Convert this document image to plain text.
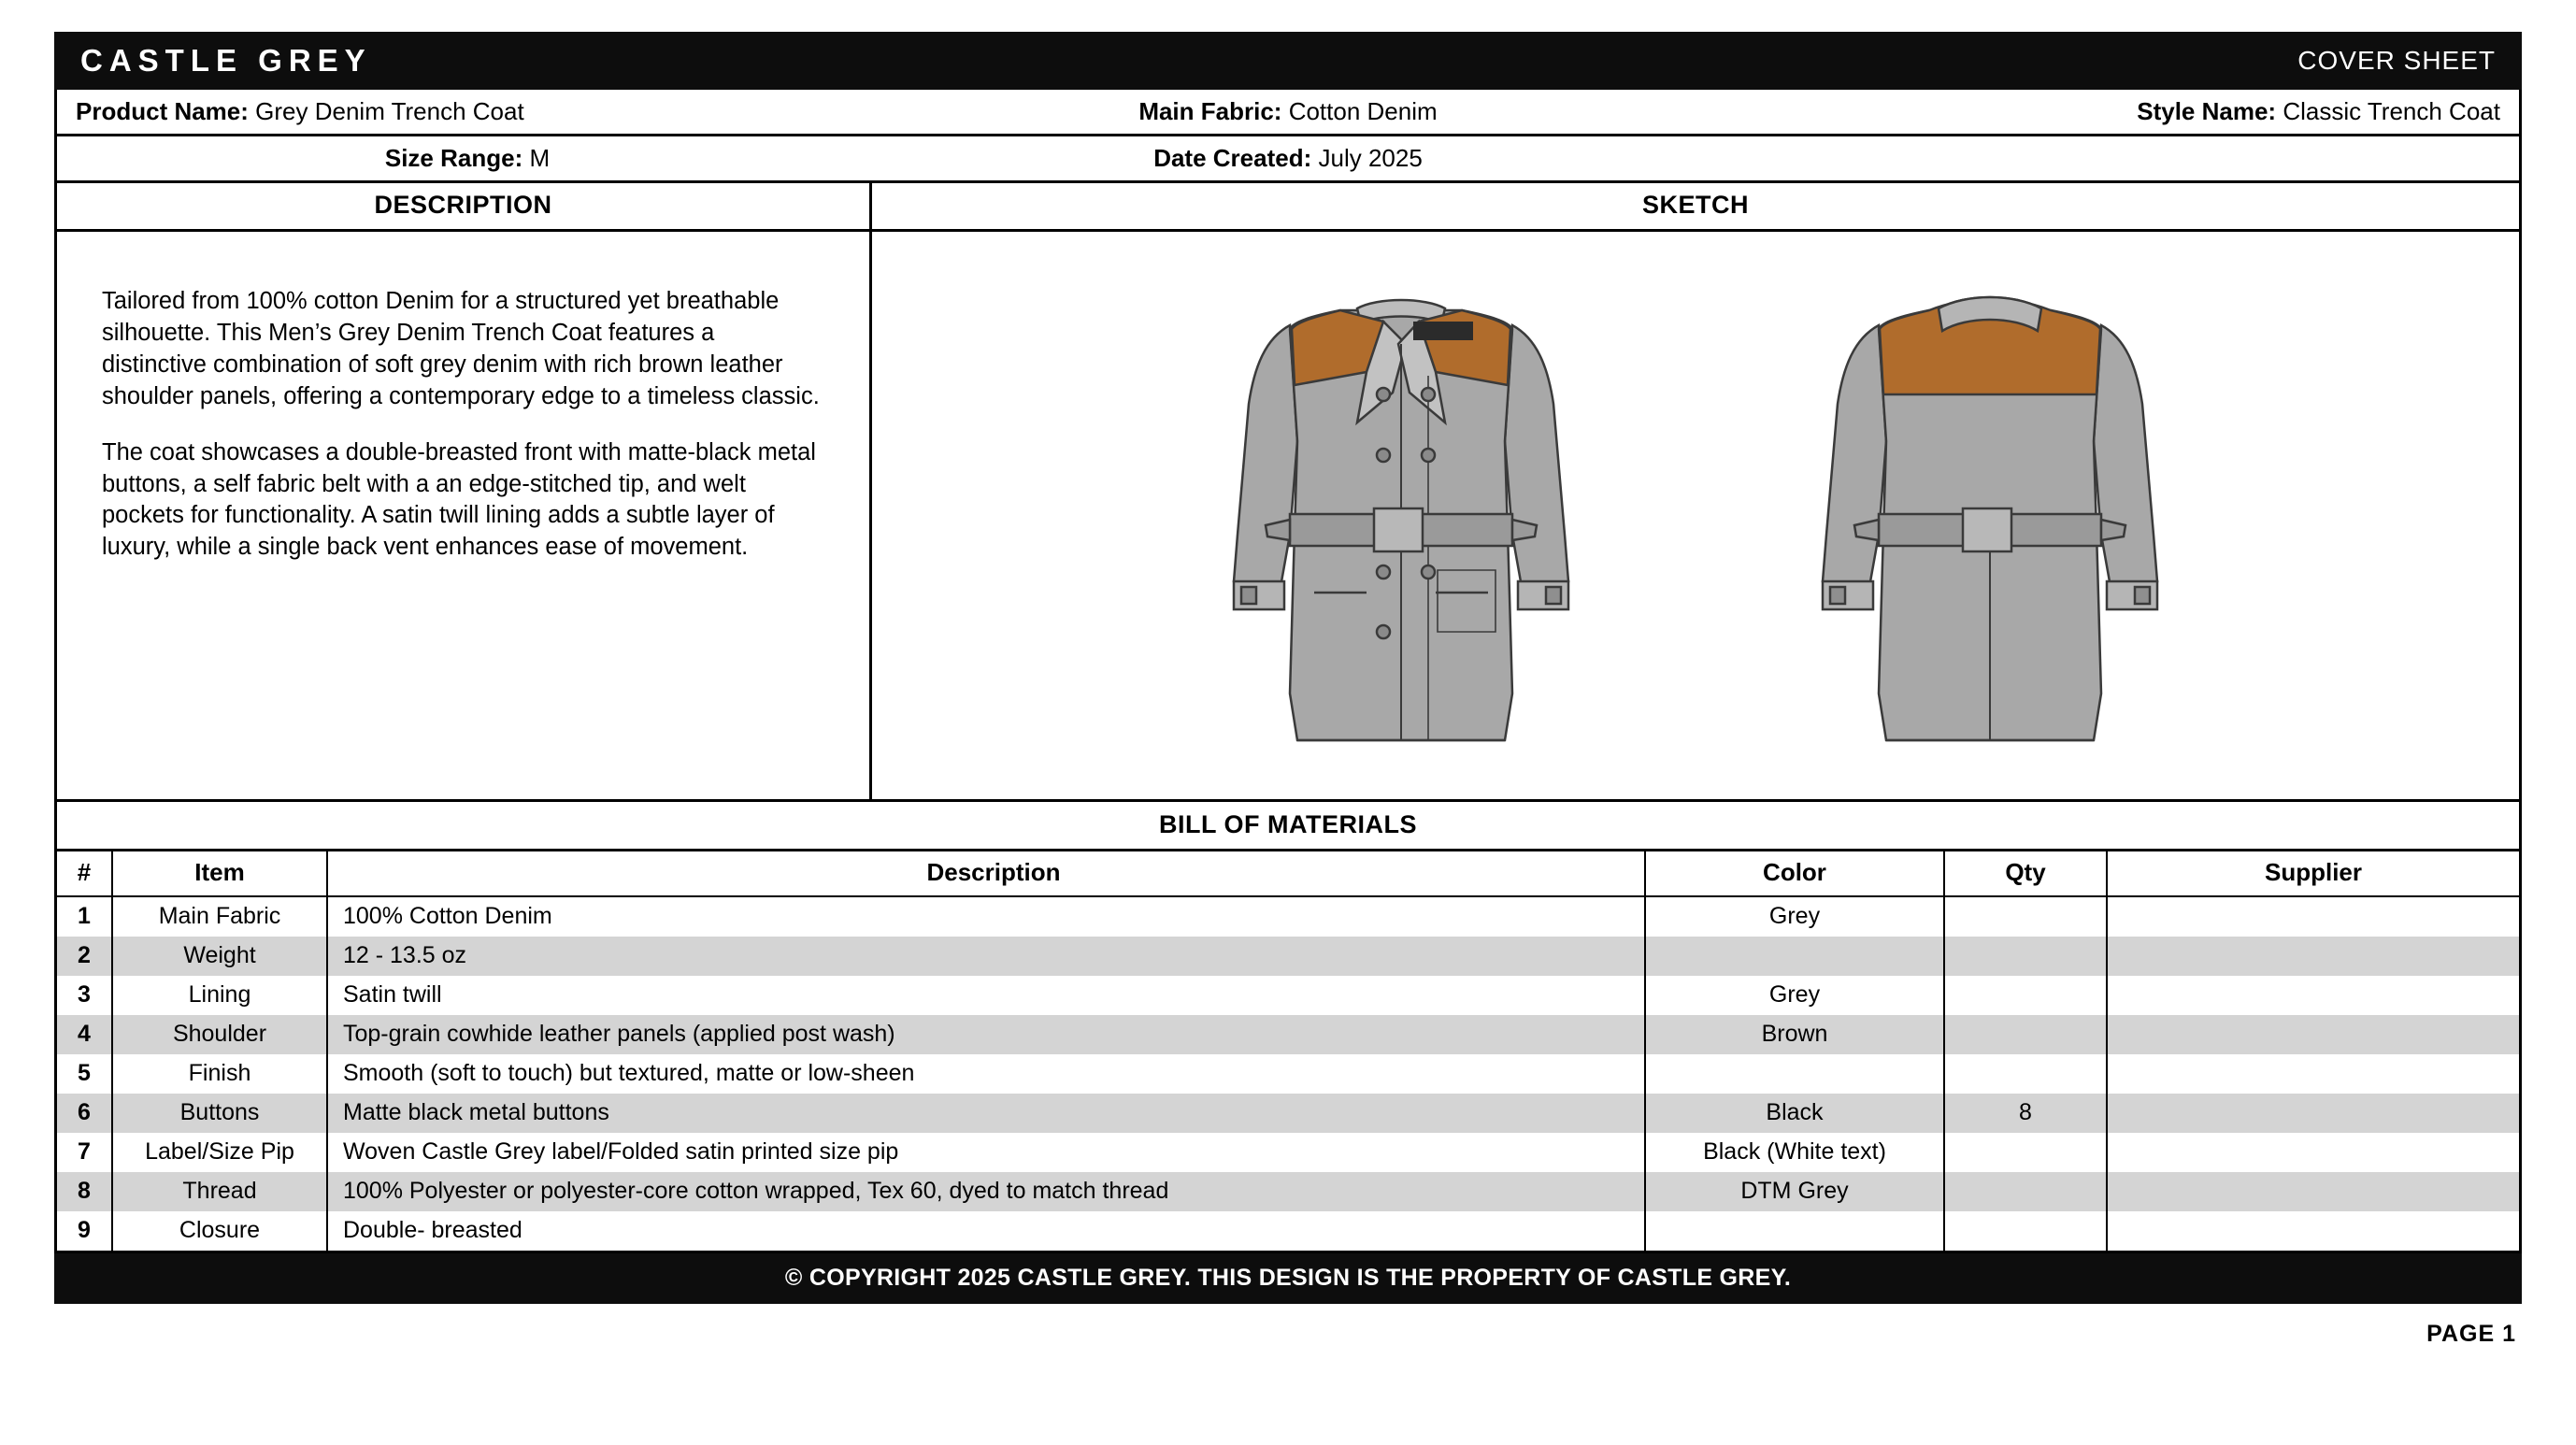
CASTLE GREY	COVER SHEET
Product Name: Grey Denim Trench Coat	Main Fabric: Cotton Denim	Style Name: Classic Trench Coat
Size Range: M	Date Created: July 2025
DESCRIPTION

Tailored from 100% cotton Denim for a structured yet breathable silhouette. This Men’s Grey Denim Trench Coat features a distinctive combination of soft grey denim with rich brown leather shoulder panels, offering a contemporary edge to a timeless classic.

The coat showcases a double-breasted front with matte-black metal buttons, a self fabric belt with a an edge-stitched tip, and welt pockets for functionality. A satin twill lining adds a subtle layer of luxury, while a single back vent enhances ease of movement.

SKETCH
BILL OF MATERIALS
#	Item	Description	Color	Qty	Supplier
1	Main Fabric	100% Cotton Denim	Grey		
2	Weight	12 - 13.5 oz			
3	Lining	Satin twill	Grey		
4	Shoulder	Top-grain cowhide leather panels (applied post wash)	Brown		
5	Finish	Smooth (soft to touch) but textured, matte or low-sheen			
6	Buttons	Matte black metal buttons	Black	8	
7	Label/Size Pip	Woven Castle Grey label/Folded satin printed size pip	Black (White text)		
8	Thread	100% Polyester or polyester-core cotton wrapped, Tex 60, dyed to match thread	DTM Grey		
9	Closure	Double- breasted			
© COPYRIGHT 2025 CASTLE GREY. THIS DESIGN IS THE PROPERTY OF CASTLE GREY.
PAGE 1
